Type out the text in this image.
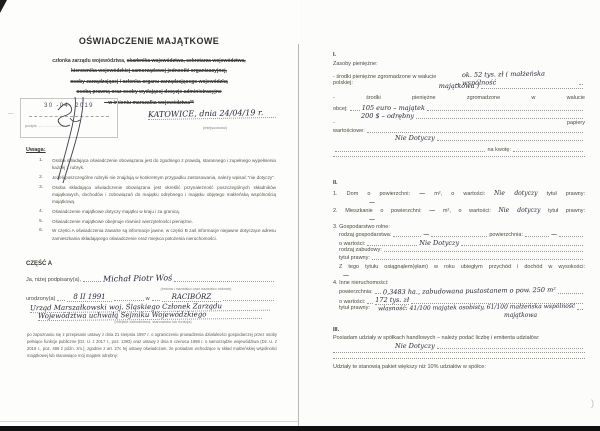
OŚWIADCZENIE MAJĄTKOWE
członka zarządu województwa, skarbnika województwa, sekretarza województwa,
kierownika wojewódzkiej samorządowej jednostki organizacyjnej,
osoby zarządzającej i członka organu zarządzającego wojewódzką
osobą prawną oraz osoby wydającej decyzje administracyjne
– w imieniu marszałka województwa**
—
30 -04- 2019
podpis ............................
KATOWICE, dnia 24/04/19 r.
(miejscowość)
Uwaga:
1. Osoba składająca oświadczenie obowiązana jest do zgodnego z prawdą, starannego i zupełnego wypełnienia każdej z rubryk.
2. Jeżeli poszczególne rubryki nie znajdują w konkretnym przypadku zastosowania, należy wpisać "nie dotyczy".
3. Osoba składająca oświadczenie obowiązana jest określić przynależność poszczególnych składników majątkowych, dochodów i zobowiązań do majątku odrębnego i majątku objętego małżeńską wspólnością majątkową.
4. Oświadczenie majątkowe dotyczy majątku w kraju i za granicą.
5. Oświadczenie majątkowe obejmuje również wierzytelności pieniężne.
6. W części A oświadczenia zawarte są informacje jawne, w części B zaś informacje niejawne dotyczące adresu zamieszkania składającego oświadczenie oraz miejsca położenia nieruchomości.
CZĘŚĆ A
Ja, niżej podpisany(a),	Michał Piotr Woś
(imiona i nazwisko oraz nazwisko rodowe)
urodzony(a)	8 II 1991	w	RACIBÓRZ
Urząd Marszałkowski woj. Śląskiego Członek Zarządu
Województwa uchwałą Sejmiku Wojewódzkiego
(miejsce zatrudnienia, stanowisko lub funkcja)
po zapoznaniu się z przepisami ustawy z dnia 21 sierpnia 1997 r. o ograniczeniu prowadzenia działalności gospodarczej przez osoby pełniące funkcje publiczne (Dz. U. z 2017 r., poz. 1393) oraz ustawy z dnia 5 czerwca 1998 r. o samorządzie województwa (Dz. U. z 2016 r., poz. 486 z późn. zm.), zgodnie z art. 27c tej ustawy oświadczam, że posiadam wchodzące w skład małżeńskiej wspólności majątkowej lub stanowiące mój majątek odrębny:
I.
Zasoby pieniężne:
- środki pieniężne zgromadzone w walucie polskiej:
ok. 52 tys. zł ( małżeńska wspólność
majątkowa )
- środki pieniężne zgromadzone w walucie
obcej: 105 euro – majątek
200 $ – odrębny
-	papiery
wartościowe:
Nie Dotyczy
na kwotę:
II.
1. Dom o powierzchni: — m², o wartości: Nie dotyczy tytuł prawny:
—
2. Mieszkanie o powierzchni: — m², o wartości: Nie dotyczy tytuł prawny:
—
3. Gospodarstwo rolne:
rodzaj gospodarstwa:	—	powierzchnia:	—
o wartości:	Nie Dotyczy
rodzaj zabudowy:
tytuł prawny:
Z tego tytułu osiągnąłem(ęłam) w roku ubiegłym przychód i dochód w wysokości:
—
4. Inne nieruchomości:
powierzchnia: 0,3483 ha., zabudowana pustostanem o pow. 250 m²
o wartości: 172 tys. zł
tytuł prawny: własność: 41/100 majątek osobisty, 61/100 małżeńska wspólność
majątkowa
III.
Posiadam udziały w spółkach handlowych – należy podać liczbę i emitenta udziałów:
Nie Dotyczy
Udziały te stanowią pakiet większy niż 10% udziałów w spółce:
)
